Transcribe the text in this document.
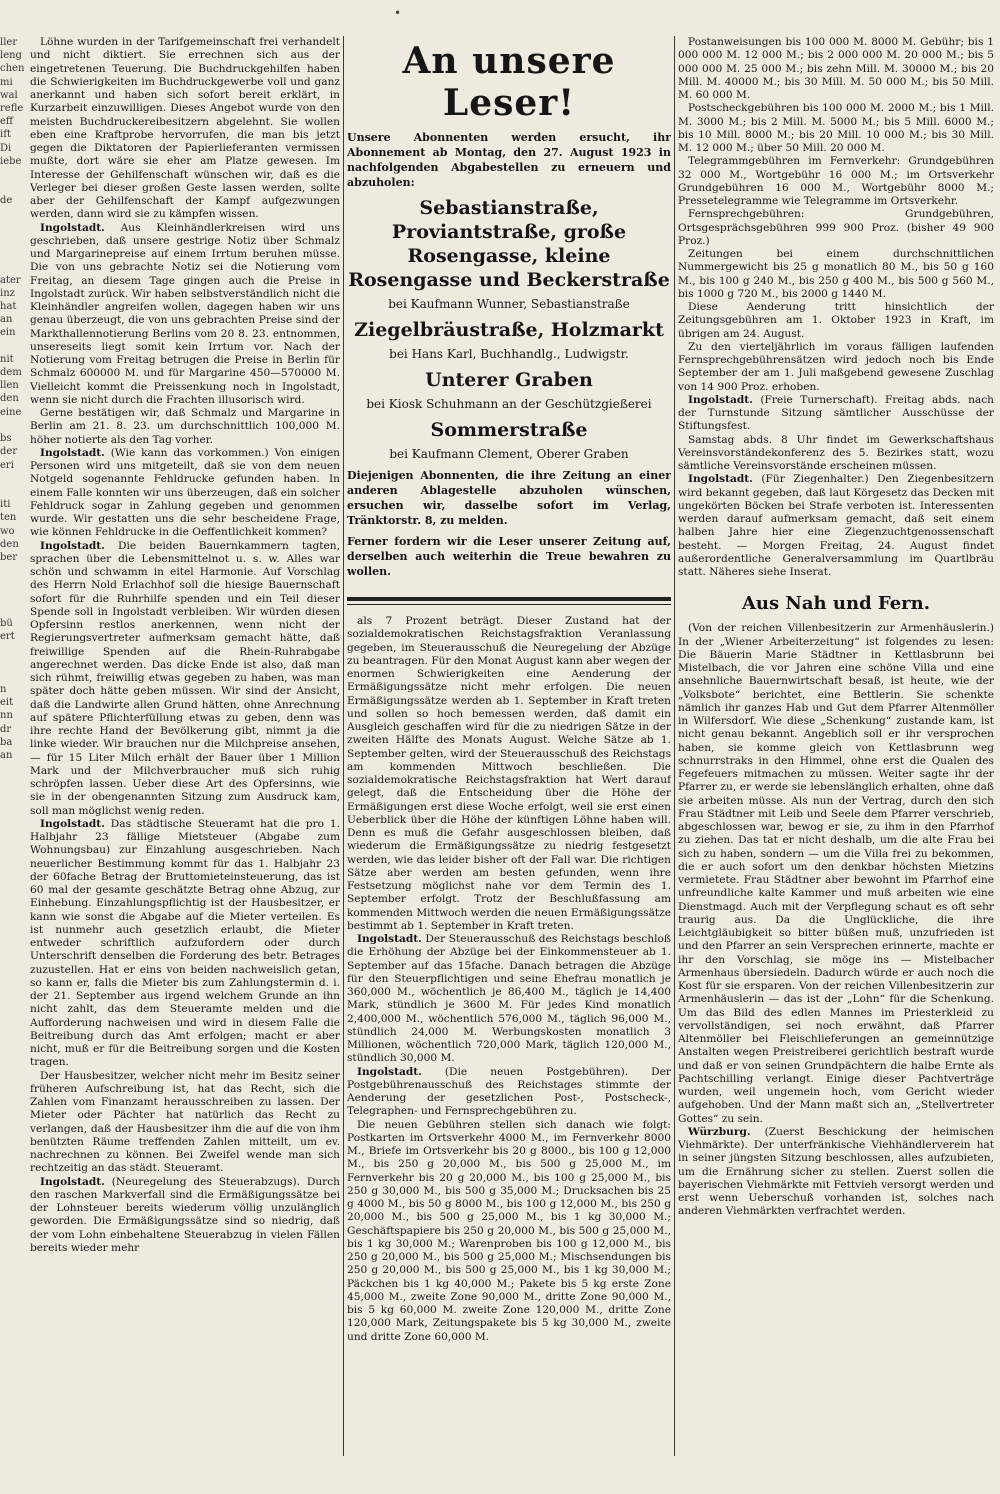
•
ller
leng
chen
mi
wal
refle
eff
ift
Di
iebe

de

ater
inz
hat
an
ein

nit
dem
llen
den
eine

bs
der
eri

iti
ten
wo
den
ber

bü
ert

n
eit
nn
dr
ba
an

Löhne wurden in der Tarifgemeinschaft frei verhandelt und nicht diktiert. Sie errechnen sich aus der eingetretenen Teuerung. Die Buchdruckgehilfen haben die Schwierigkeiten im Buchdruckgewerbe voll und ganz anerkannt und haben sich sofort bereit erklärt, in Kurzarbeit einzuwilligen. Dieses Angebot wurde von den meisten Buchdruckereibesitzern abgelehnt. Sie wollen eben eine Kraftprobe hervorrufen, die man bis jetzt gegen die Diktatoren der Papierlieferanten vermissen mußte, dort wäre sie eher am Platze gewesen. Im Interesse der Gehilfenschaft wünschen wir, daß es die Verleger bei dieser großen Geste lassen werden, sollte aber der Gehilfenschaft der Kampf aufgezwungen werden, dann wird sie zu kämpfen wissen.

Ingolstadt. Aus Kleinhändlerkreisen wird uns geschrieben, daß unsere gestrige Notiz über Schmalz und Margarinepreise auf einem Irrtum beruhen müsse. Die von uns gebrachte Notiz sei die Notierung vom Freitag, an diesem Tage gingen auch die Preise in Ingolstadt zurück. Wir haben selbstverständlich nicht die Kleinhändler angreifen wollen, dagegen haben wir uns genau überzeugt, die von uns gebrachten Preise sind der Markthallennotierung Berlins vom 20 8. 23. entnommen, unsereseits liegt somit kein Irrtum vor. Nach der Notierung vom Freitag betrugen die Preise in Berlin für Schmalz 600000 M. und für Margarine 450—570000 M. Vielleicht kommt die Preissenkung noch in Ingolstadt, wenn sie nicht durch die Frachten illusorisch wird.

Gerne bestätigen wir, daß Schmalz und Margarine in Berlin am 21. 8. 23. um durchschnittlich 100,000 M. höher notierte als den Tag vorher.

Ingolstadt. (Wie kann das vorkommen.) Von einigen Personen wird uns mitgeteilt, daß sie von dem neuen Notgeld sogenannte Fehldrucke gefunden haben. In einem Falle konnten wir uns überzeugen, daß ein solcher Fehldruck sogar in Zahlung gegeben und genommen wurde. Wir gestatten uns die sehr bescheidene Frage, wie können Fehldrucke in die Oeffentlichkeit kommen?

Ingolstadt. Die beiden Bauernkammern tagten, sprachen über die Lebensmittelnot u. s. w. Alles war schön und schwamm in eitel Harmonie. Auf Vorschlag des Herrn Nold Erlachhof soll die hiesige Bauernschaft sofort für die Ruhrhilfe spenden und ein Teil dieser Spende soll in Ingolstadt verbleiben. Wir würden diesen Opfersinn restlos anerkennen, wenn nicht der Regierungsvertreter aufmerksam gemacht hätte, daß freiwillige Spenden auf die Rhein-Ruhrabgabe angerechnet werden. Das dicke Ende ist also, daß man sich rühmt, freiwillig etwas gegeben zu haben, was man später doch hätte geben müssen. Wir sind der Ansicht, daß die Landwirte allen Grund hätten, ohne Anrechnung auf spätere Pflichterfüllung etwas zu geben, denn was ihre rechte Hand der Bevölkerung gibt, nimmt ja die linke wieder. Wir brauchen nur die Milchpreise ansehen, — für 15 Liter Milch erhält der Bauer über 1 Million Mark und der Milchverbraucher muß sich ruhig schröpfen lassen. Ueber diese Art des Opfersinns, wie sie in der obengenannten Sitzung zum Ausdruck kam, soll man möglichst wenig reden.

Ingolstadt. Das städtische Steueramt hat die pro 1. Halbjahr 23 fällige Mietsteuer (Abgabe zum Wohnungsbau) zur Einzahlung ausgeschrieben. Nach neuerlicher Bestimmung kommt für das 1. Halbjahr 23 der 60fache Betrag der Bruttomieteinsteuerung, das ist 60 mal der gesamte geschätzte Betrag ohne Abzug, zur Einhebung. Einzahlungspflichtig ist der Hausbesitzer, er kann wie sonst die Abgabe auf die Mieter verteilen. Es ist nunmehr auch gesetzlich erlaubt, die Mieter entweder schriftlich aufzufordern oder durch Unterschrift denselben die Forderung des betr. Betrages zuzustellen. Hat er eins von beiden nachweislich getan, so kann er, falls die Mieter bis zum Zahlungstermin d. i. der 21. September aus irgend welchem Grunde an ihn nicht zahlt, das dem Steueramte melden und die Aufforderung nachweisen und wird in diesem Falle die Beitreibung durch das Amt erfolgen; macht er aber nicht, muß er für die Beitreibung sorgen und die Kosten tragen.

Der Hausbesitzer, welcher nicht mehr im Besitz seiner früheren Aufschreibung ist, hat das Recht, sich die Zahlen vom Finanzamt herausschreiben zu lassen. Der Mieter oder Pächter hat natürlich das Recht zu verlangen, daß der Hausbesitzer ihm die auf die von ihm benützten Räume treffenden Zahlen mitteilt, um ev. nachrechnen zu können. Bei Zweifel wende man sich rechtzeitig an das städt. Steueramt.

Ingolstadt. (Neuregelung des Steuerabzugs). Durch den raschen Markverfall sind die Ermäßigungssätze bei der Lohnsteuer bereits wiederum völlig unzulänglich geworden. Die Ermäßigungssätze sind so niedrig, daß der vom Lohn einbehaltene Steuerabzug in vielen Fällen bereits wieder mehr

An unsere Leser!
Unsere Abonnenten werden ersucht, ihr Abonnement ab Montag, den 27. August 1923 in nachfolgenden Abgabestellen zu erneuern und abzuholen:
Sebastianstraße, Proviantstraße, große Rosengasse, kleine Rosengasse und Beckerstraße
bei Kaufmann Wunner, Sebastianstraße
Ziegelbräustraße, Holzmarkt
bei Hans Karl, Buchhandlg., Ludwigstr.
Unterer Graben
bei Kiosk Schuhmann an der Geschützgießerei
Sommerstraße
bei Kaufmann Clement, Oberer Graben
Diejenigen Abonnenten, die ihre Zeitung an einer anderen Ablagestelle abzuholen wünschen, ersuchen wir, dasselbe sofort im Verlag, Tränktorstr. 8, zu melden.
Ferner fordern wir die Leser unserer Zeitung auf, derselben auch weiterhin die Treue bewahren zu wollen.

als 7 Prozent beträgt. Dieser Zustand hat der sozialdemokratischen Reichstagsfraktion Veranlassung gegeben, im Steuerausschuß die Neuregelung der Abzüge zu beantragen. Für den Monat August kann aber wegen der enormen Schwierigkeiten eine Aenderung der Ermäßigungssätze nicht mehr erfolgen. Die neuen Ermäßigungssätze werden ab 1. September in Kraft treten und sollen so hoch bemessen werden, daß damit ein Ausgleich geschaffen wird für die zu niedrigen Sätze in der zweiten Hälfte des Monats August. Welche Sätze ab 1. September gelten, wird der Steuerausschuß des Reichstags am kommenden Mittwoch beschließen. Die sozialdemokratische Reichstagsfraktion hat Wert darauf gelegt, daß die Entscheidung über die Höhe der Ermäßigungen erst diese Woche erfolgt, weil sie erst einen Ueberblick über die Höhe der künftigen Löhne haben will. Denn es muß die Gefahr ausgeschlossen bleiben, daß wiederum die Ermäßigungssätze zu niedrig festgesetzt werden, wie das leider bisher oft der Fall war. Die richtigen Sätze aber werden am besten gefunden, wenn ihre Festsetzung möglichst nahe vor dem Termin des 1. September erfolgt. Trotz der Beschlußfassung am kommenden Mittwoch werden die neuen Ermäßigungssätze bestimmt ab 1. September in Kraft treten.

Ingolstadt. Der Steuerausschuß des Reichstags beschloß die Erhöhung der Abzüge bei der Einkommensteuer ab 1. September auf das 15fache. Danach betragen die Abzüge für den Steuerpflichtigen und seine Ehefrau monatlich je 360,000 M., wöchentlich je 86,400 M., täglich je 14,400 Mark, stündlich je 3600 M. Für jedes Kind monatlich 2,400,000 M., wöchentlich 576,000 M., täglich 96,000 M., stündlich 24,000 M. Werbungskosten monatlich 3 Millionen, wöchentlich 720,000 Mark, täglich 120,000 M., stündlich 30,000 M.

Ingolstadt. (Die neuen Postgebühren). Der Postgebührenausschuß des Reichstages stimmte der Aenderung der gesetzlichen Post-, Postscheck-, Telegraphen- und Fernsprechgebühren zu.

Die neuen Gebühren stellen sich danach wie folgt: Postkarten im Ortsverkehr 4000 M., im Fernverkehr 8000 M., Briefe im Ortsverkehr bis 20 g 8000., bis 100 g 12,000 M., bis 250 g 20,000 M., bis 500 g 25,000 M., im Fernverkehr bis 20 g 20,000 M., bis 100 g 25,000 M., bis 250 g 30,000 M., bis 500 g 35,000 M.; Drucksachen bis 25 g 4000 M., bis 50 g 8000 M., bis 100 g 12,000 M., bis 250 g 20,000 M., bis 500 g 25,000 M., bis 1 kg 30,000 M.; Geschäftspapiere bis 250 g 20,000 M., bis 500 g 25,000 M., bis 1 kg 30,000 M.; Warenproben bis 100 g 12,000 M., bis 250 g 20,000 M., bis 500 g 25,000 M.; Mischsendungen bis 250 g 20,000 M., bis 500 g 25,000 M., bis 1 kg 30,000 M.; Päckchen bis 1 kg 40,000 M.; Pakete bis 5 kg erste Zone 45,000 M., zweite Zone 90,000 M., dritte Zone 90,000 M., bis 5 kg 60,000 M. zweite Zone 120,000 M., dritte Zone 120,000 Mark, Zeitungspakete bis 5 kg 30,000 M., zweite und dritte Zone 60,000 M.

Postanweisungen bis 100 000 M. 8000 M. Gebühr; bis 1 000 000 M. 12 000 M.; bis 2 000 000 M. 20 000 M.; bis 5 000 000 M. 25 000 M.; bis zehn Mill. M. 30000 M.; bis 20 Mill. M. 40000 M.; bis 30 Mill. M. 50 000 M.; bis 50 Mill. M. 60 000 M.

Postscheckgebühren bis 100 000 M. 2000 M.; bis 1 Mill. M. 3000 M.; bis 2 Mill. M. 5000 M.; bis 5 Mill. 6000 M.; bis 10 Mill. 8000 M.; bis 20 Mill. 10 000 M.; bis 30 Mill. M. 12 000 M.; über 50 Mill. 20 000 M.

Telegrammgebühren im Fernverkehr: Grundgebühren 32 000 M., Wortgebühr 16 000 M.; im Ortsverkehr Grundgebühren 16 000 M., Wortgebühr 8000 M.; Pressetelegramme wie Telegramme im Ortsverkehr.

Fernsprechgebühren: Grundgebühren, Ortsgesprächsgebühren 999 900 Proz. (bisher 49 900 Proz.)

Zeitungen bei einem durchschnittlichen Nummergewicht bis 25 g monatlich 80 M., bis 50 g 160 M., bis 100 g 240 M., bis 250 g 400 M., bis 500 g 560 M., bis 1000 g 720 M., bis 2000 g 1440 M.

Diese Aenderung tritt hinsichtlich der Zeitungsgebühren am 1. Oktober 1923 in Kraft, im übrigen am 24. August.

Zu den vierteljährlich im voraus fälligen laufenden Fernsprechgebührensätzen wird jedoch noch bis Ende September der am 1. Juli maßgebend gewesene Zuschlag von 14 900 Proz. erhoben.

Ingolstadt. (Freie Turnerschaft). Freitag abds. nach der Turnstunde Sitzung sämtlicher Ausschüsse der Stiftungsfest.

Samstag abds. 8 Uhr findet im Gewerkschaftshaus Vereinsvorständekonferenz des 5. Bezirkes statt, wozu sämtliche Vereinsvorstände erscheinen müssen.

Ingolstadt. (Für Ziegenhalter.) Den Ziegenbesitzern wird bekannt gegeben, daß laut Körgesetz das Decken mit ungekörten Böcken bei Strafe verboten ist. Interessenten werden darauf aufmerksam gemacht, daß seit einem halben Jahre hier eine Ziegenzuchtgenossenschaft besteht. — Morgen Freitag, 24. August findet außerordentliche Generalversammlung im Quartlbräu statt. Näheres siehe Inserat.

Aus Nah und Fern.

(Von der reichen Villenbesitzerin zur Armenhäuslerin.) In der „Wiener Arbeiterzeitung“ ist folgendes zu lesen: Die Bäuerin Marie Städtner in Kettlasbrunn bei Mistelbach, die vor Jahren eine schöne Villa und eine ansehnliche Bauernwirtschaft besaß, ist heute, wie der „Volksbote“ berichtet, eine Bettlerin. Sie schenkte nämlich ihr ganzes Hab und Gut dem Pfarrer Altenmöller in Wilfersdorf. Wie diese „Schenkung“ zustande kam, ist nicht genau bekannt. Angeblich soll er ihr versprochen haben, sie komme gleich von Kettlasbrunn weg schnurrstraks in den Himmel, ohne erst die Qualen des Fegefeuers mitmachen zu müssen. Weiter sagte ihr der Pfarrer zu, er werde sie lebenslänglich erhalten, ohne daß sie arbeiten müsse. Als nun der Vertrag, durch den sich Frau Städtner mit Leib und Seele dem Pfarrer verschrieb, abgeschlossen war, bewog er sie, zu ihm in den Pfarrhof zu ziehen. Das tat er nicht deshalb, um die alte Frau bei sich zu haben, sondern — um die Villa frei zu bekommen, die er auch sofort um den denkbar höchsten Mietzins vermietete. Frau Städtner aber bewohnt im Pfarrhof eine unfreundliche kalte Kammer und muß arbeiten wie eine Dienstmagd. Auch mit der Verpflegung schaut es oft sehr traurig aus. Da die Unglückliche, die ihre Leichtgläubigkeit so bitter büßen muß, unzufrieden ist und den Pfarrer an sein Versprechen erinnerte, machte er ihr den Vorschlag, sie möge ins — Mistelbacher Armenhaus übersiedeln. Dadurch würde er auch noch die Kost für sie ersparen. Von der reichen Villenbesitzerin zur Armenhäuslerin — das ist der „Lohn“ für die Schenkung. Um das Bild des edlen Mannes im Priesterkleid zu vervollständigen, sei noch erwähnt, daß Pfarrer Altenmöller bei Fleischlieferungen an gemeinnützige Anstalten wegen Preistreiberei gerichtlich bestraft wurde und daß er von seinen Grundpächtern die halbe Ernte als Pachtschilling verlangt. Einige dieser Pachtverträge wurden, weil ungemein hoch, vom Gericht wieder aufgehoben. Und der Mann maßt sich an, „Stellvertreter Gottes“ zu sein.

Würzburg. (Zuerst Beschickung der heimischen Viehmärkte). Der unterfränkische Viehhändlerverein hat in seiner jüngsten Sitzung beschlossen, alles aufzubieten, um die Ernährung sicher zu stellen. Zuerst sollen die bayerischen Viehmärkte mit Fettvieh versorgt werden und erst wenn Ueberschuß vorhanden ist, solches nach anderen Viehmärkten verfrachtet werden.
